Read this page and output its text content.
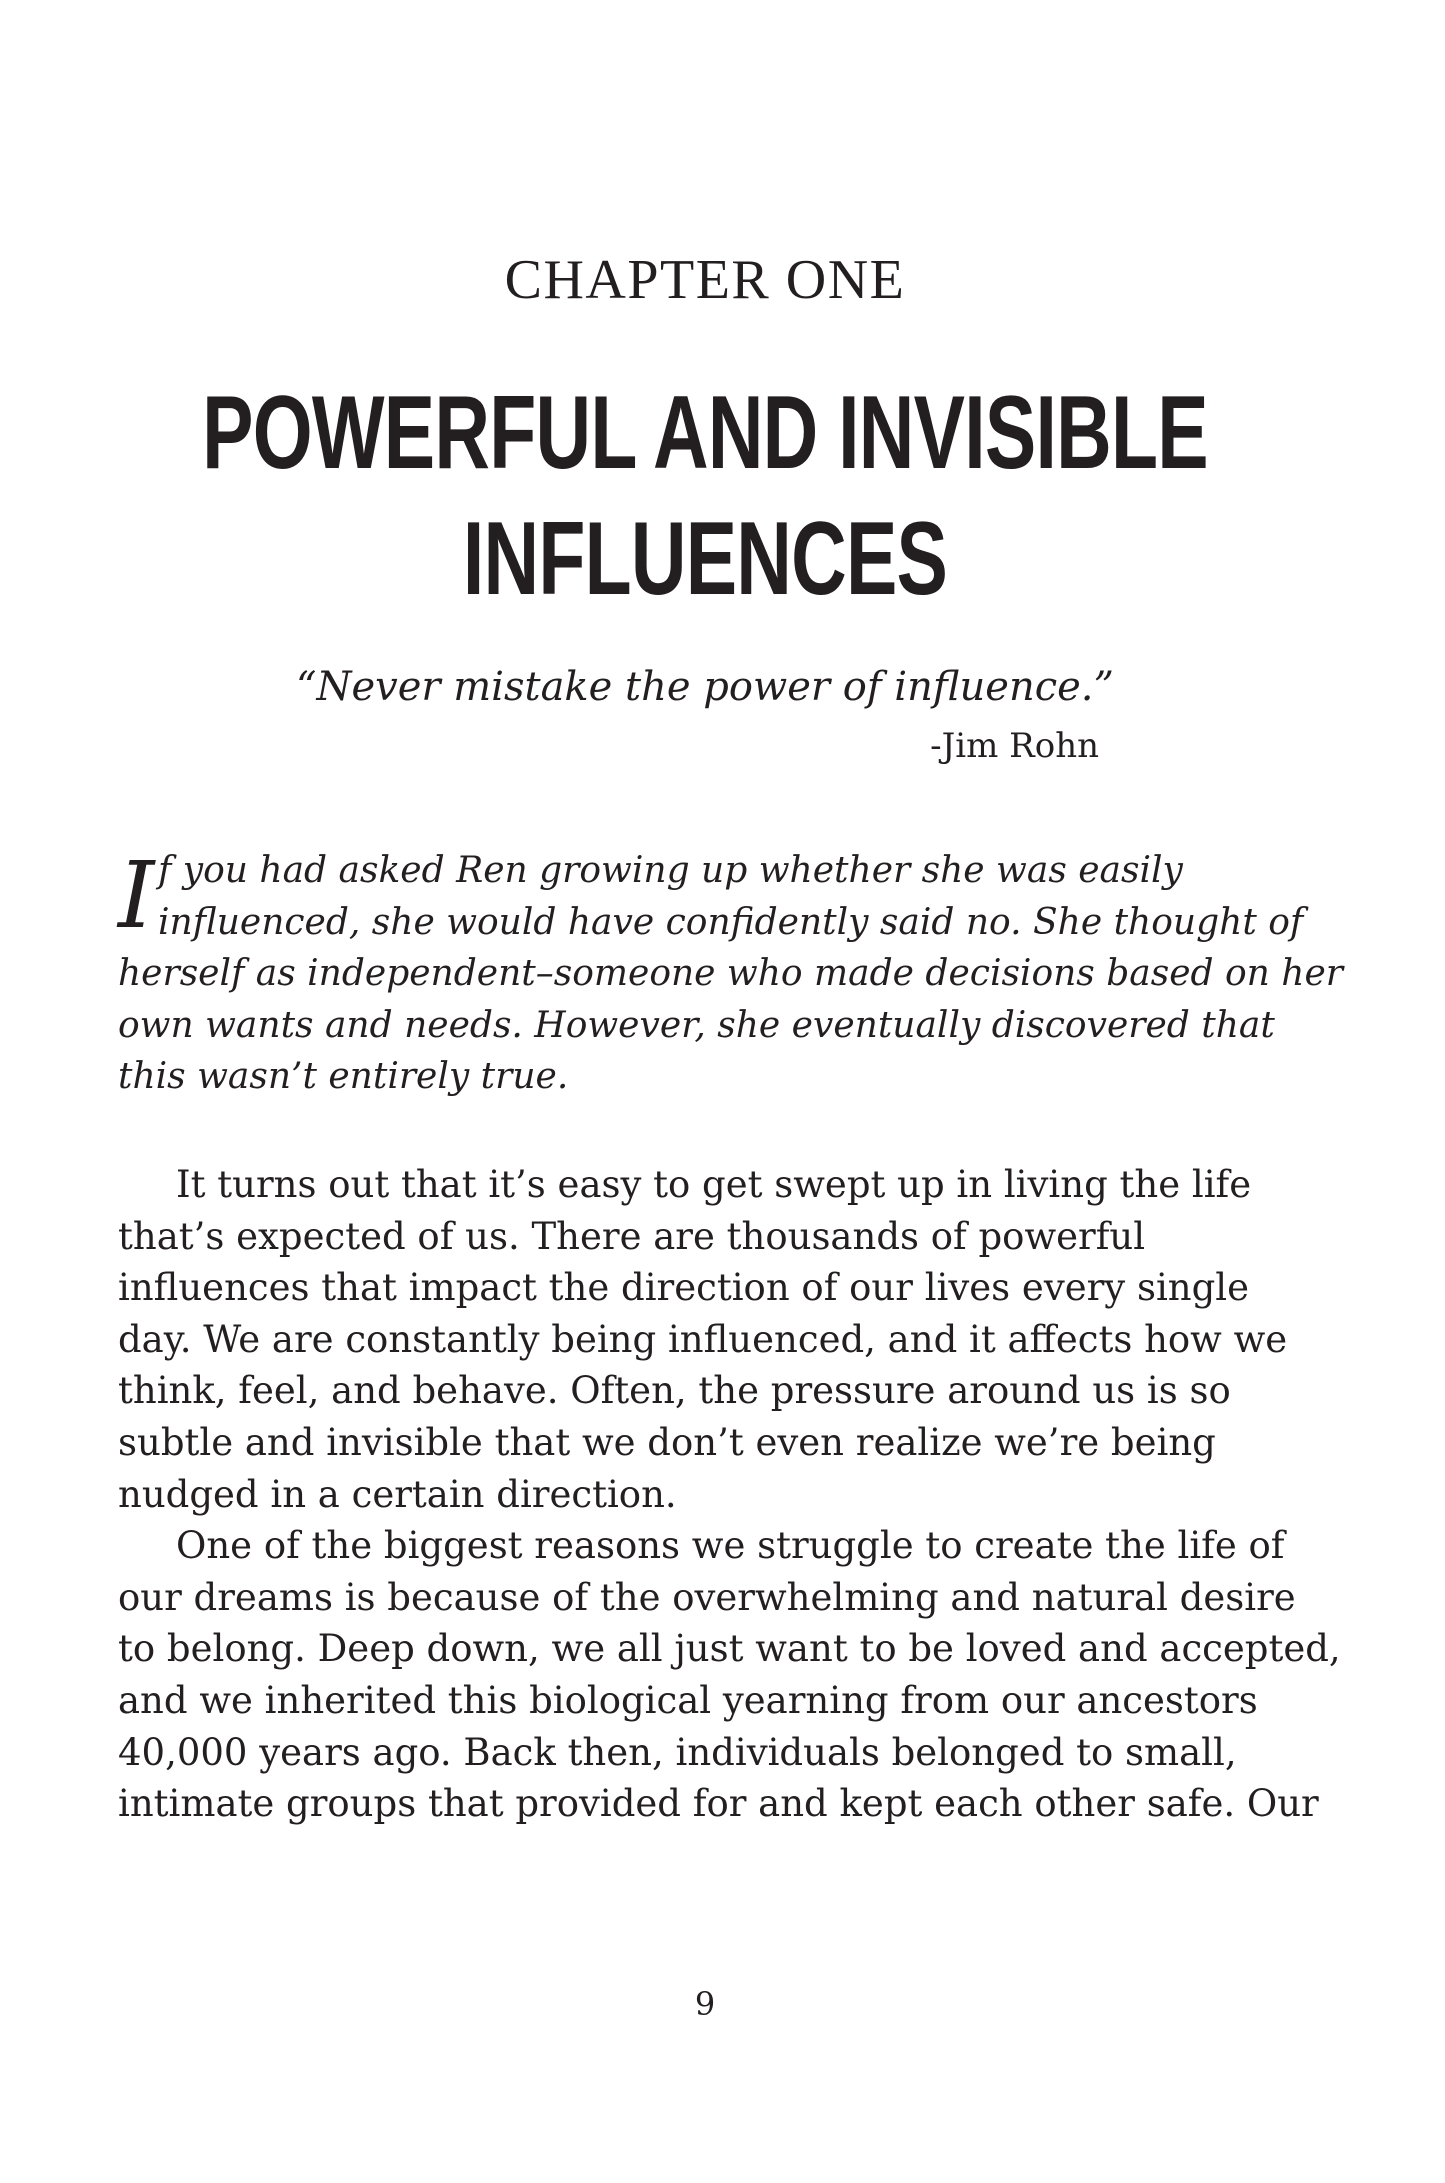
CHAPTER ONE
POWERFUL AND INVISIBLE
INFLUENCES
“Never mistake the power of influence.”
-Jim Rohn
I f you had asked Ren growing up whether she was easily
influenced, she would have confidently said no. She thought of
herself as independent–someone who made decisions based on her
own wants and needs. However, she eventually discovered that
this wasn’t entirely true.
It turns out that it’s easy to get swept up in living the life
that’s expected of us. There are thousands of powerful
influences that impact the direction of our lives every single
day. We are constantly being influenced, and it affects how we
think, feel, and behave. Often, the pressure around us is so
subtle and invisible that we don’t even realize we’re being
nudged in a certain direction.
One of the biggest reasons we struggle to create the life of
our dreams is because of the overwhelming and natural desire
to belong. Deep down, we all just want to be loved and accepted,
and we inherited this biological yearning from our ancestors
40,000 years ago. Back then, individuals belonged to small,
intimate groups that provided for and kept each other safe. Our
9
